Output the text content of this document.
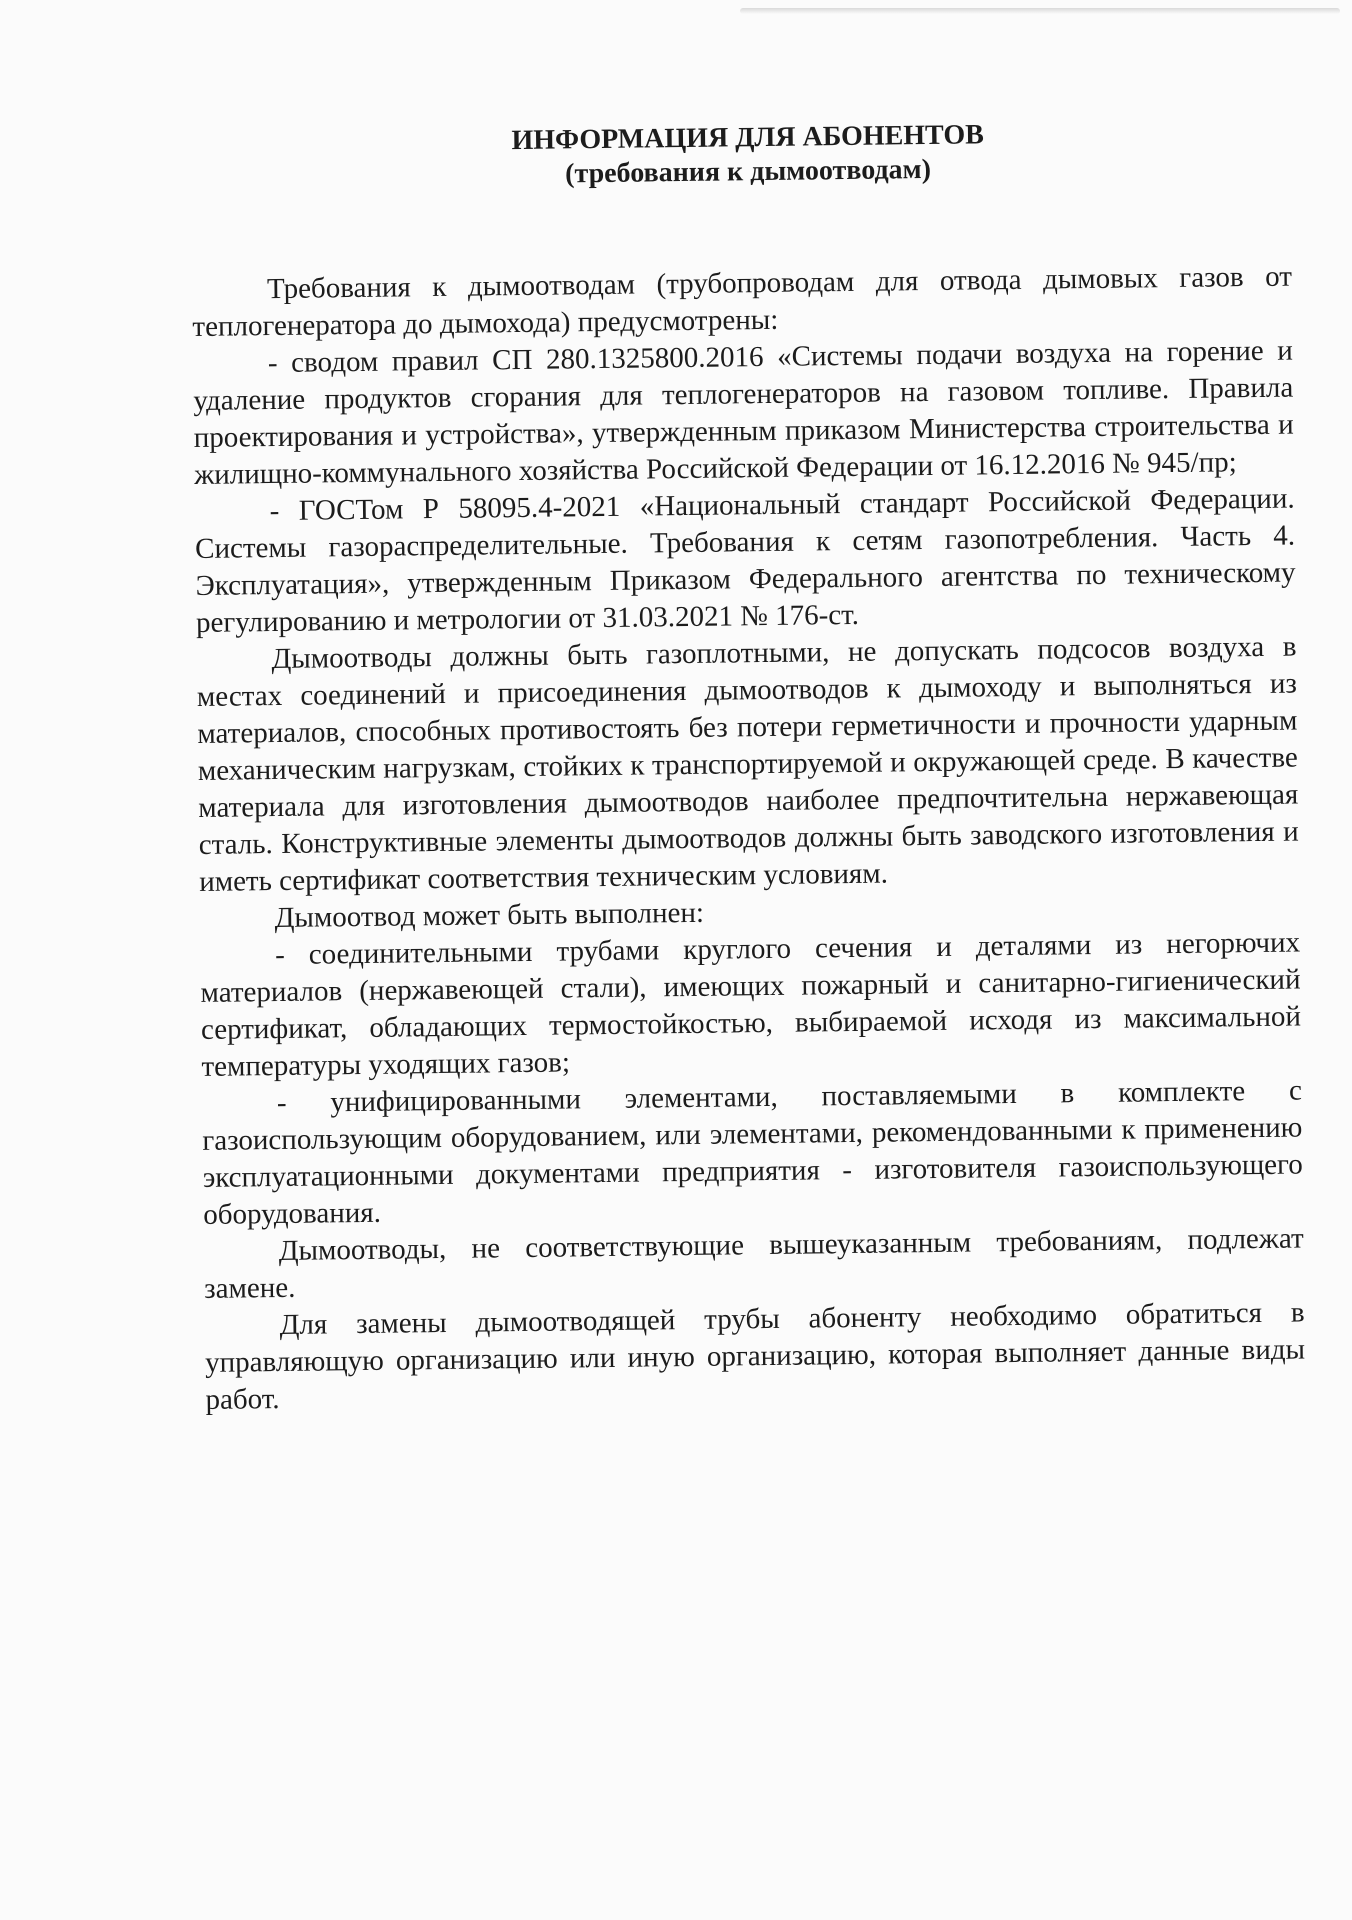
ИНФОРМАЦИЯ ДЛЯ АБОНЕНТОВ

(требования к дымоотводам)

Требования к дымоотводам (трубопроводам для отвода дымовых газов от теплогенератора до дымохода) предусмотрены:

- сводом правил СП 280.1325800.2016 «Системы подачи воздуха на горение и удаление продуктов сгорания для теплогенераторов на газовом топливе. Правила проектирования и устройства», утвержденным приказом Министерства строительства и жилищно-коммунального хозяйства Российской Федерации от 16.12.2016 № 945/пр;

- ГОСТом Р 58095.4-2021 «Национальный стандарт Российской Федерации. Системы газораспределительные. Требования к сетям газопотребления. Часть 4. Эксплуатация», утвержденным Приказом Федерального агентства по техническому регулированию и метрологии от 31.03.2021 № 176-ст.

Дымоотводы должны быть газоплотными, не допускать подсосов воздуха в местах соединений и присоединения дымоотводов к дымоходу и выполняться из материалов, способных противостоять без потери герметичности и прочности ударным механическим нагрузкам, стойких к транспортируемой и окружающей среде. В качестве материала для изготовления дымоотводов наиболее предпочтительна нержавеющая сталь. Конструктивные элементы дымоотводов должны быть заводского изготовления и иметь сертификат соответствия техническим условиям.

Дымоотвод может быть выполнен:

- соединительными трубами круглого сечения и деталями из негорючих материалов (нержавеющей стали), имеющих пожарный и санитарно-гигиенический сертификат, обладающих термостойкостью, выбираемой исходя из максимальной температуры уходящих газов;

- унифицированными элементами, поставляемыми в комплекте с газоиспользующим оборудованием, или элементами, рекомендованными к применению эксплуатационными документами предприятия - изготовителя газоиспользующего оборудования.

Дымоотводы, не соответствующие вышеуказанным требованиям, подлежат замене.

Для замены дымоотводящей трубы абоненту необходимо обратиться в управляющую организацию или иную организацию, которая выполняет данные виды работ.
